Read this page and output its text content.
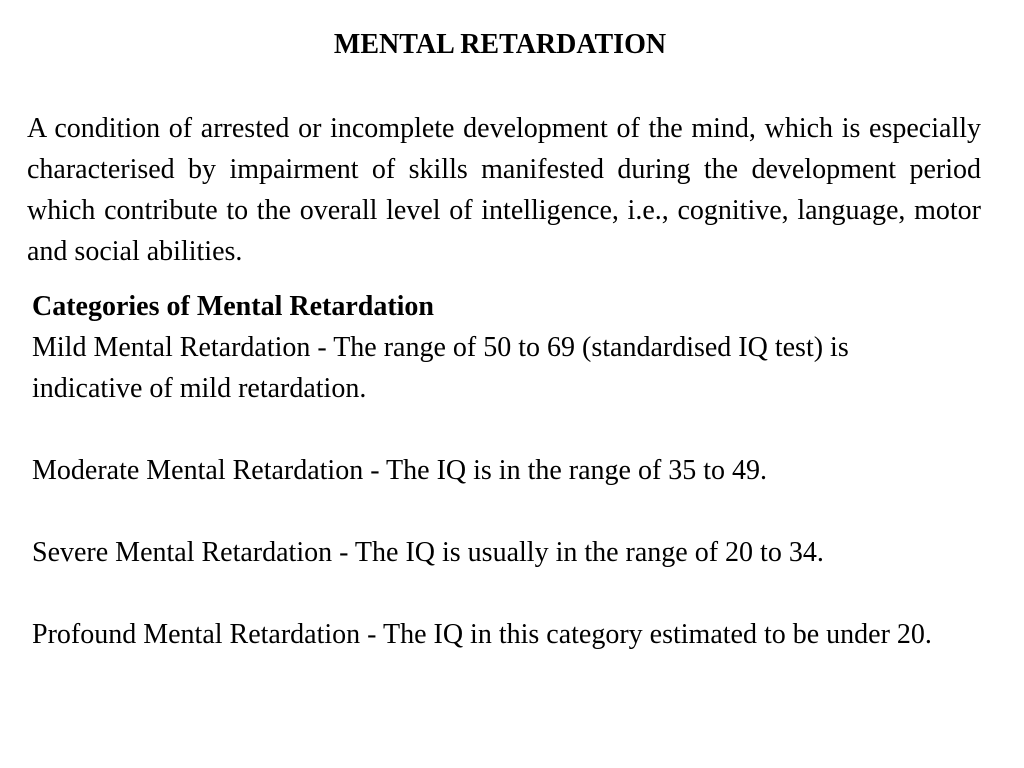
MENTAL RETARDATION

A condition of arrested or incomplete development of the mind, which is especially characterised by impairment of skills manifested during the development period which contribute to the overall level of intelligence, i.e., cognitive, language, motor and social abilities.

Categories of Mental Retardation

Mild Mental Retardation - The range of 50 to 69 (standardised IQ test) is indicative of mild retardation.

Moderate Mental Retardation - The IQ is in the range of 35 to 49.

Severe Mental Retardation - The IQ is usually in the range of 20 to 34.

Profound Mental Retardation - The IQ in this category estimated to be under 20.
